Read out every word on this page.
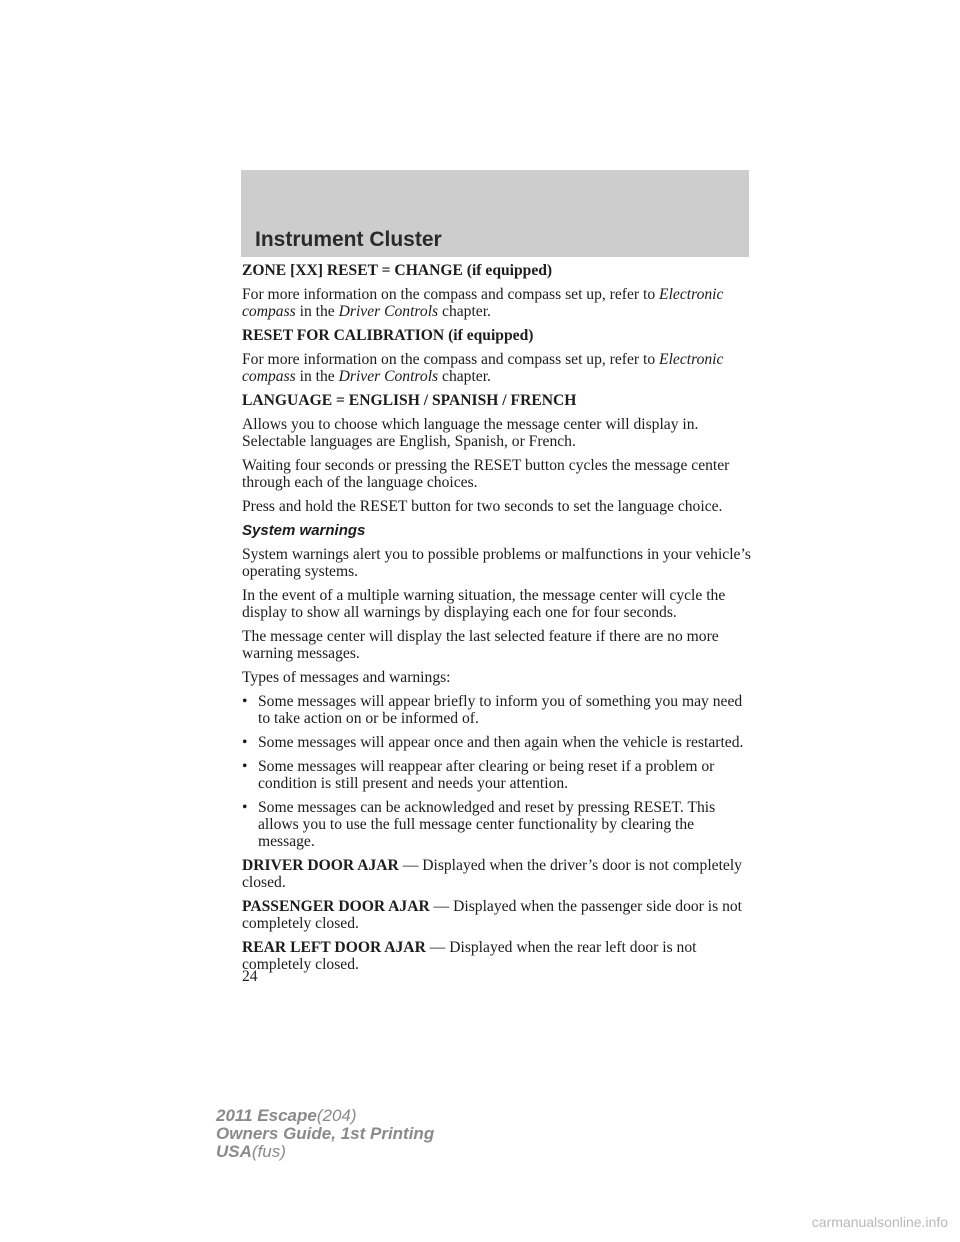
Instrument Cluster

ZONE [XX] RESET = CHANGE (if equipped)

For more information on the compass and compass set up, refer to Electronic compass in the Driver Controls chapter.

RESET FOR CALIBRATION (if equipped)

For more information on the compass and compass set up, refer to Electronic compass in the Driver Controls chapter.

LANGUAGE = ENGLISH / SPANISH / FRENCH

Allows you to choose which language the message center will display in. Selectable languages are English, Spanish, or French.

Waiting four seconds or pressing the RESET button cycles the message center through each of the language choices.

Press and hold the RESET button for two seconds to set the language choice.

System warnings

System warnings alert you to possible problems or malfunctions in your vehicle’s operating systems.

In the event of a multiple warning situation, the message center will cycle the display to show all warnings by displaying each one for four seconds.

The message center will display the last selected feature if there are no more warning messages.

Types of messages and warnings:

• Some messages will appear briefly to inform you of something you may need to take action on or be informed of.
• Some messages will appear once and then again when the vehicle is restarted.
• Some messages will reappear after clearing or being reset if a problem or condition is still present and needs your attention.
• Some messages can be acknowledged and reset by pressing RESET. This allows you to use the full message center functionality by clearing the message.

DRIVER DOOR AJAR — Displayed when the driver’s door is not completely closed.

PASSENGER DOOR AJAR — Displayed when the passenger side door is not completely closed.

REAR LEFT DOOR AJAR — Displayed when the rear left door is not completely closed.

24
2011 Escape(204)
Owners Guide, 1st Printing
USA(fus)
carmanualsonline.info
